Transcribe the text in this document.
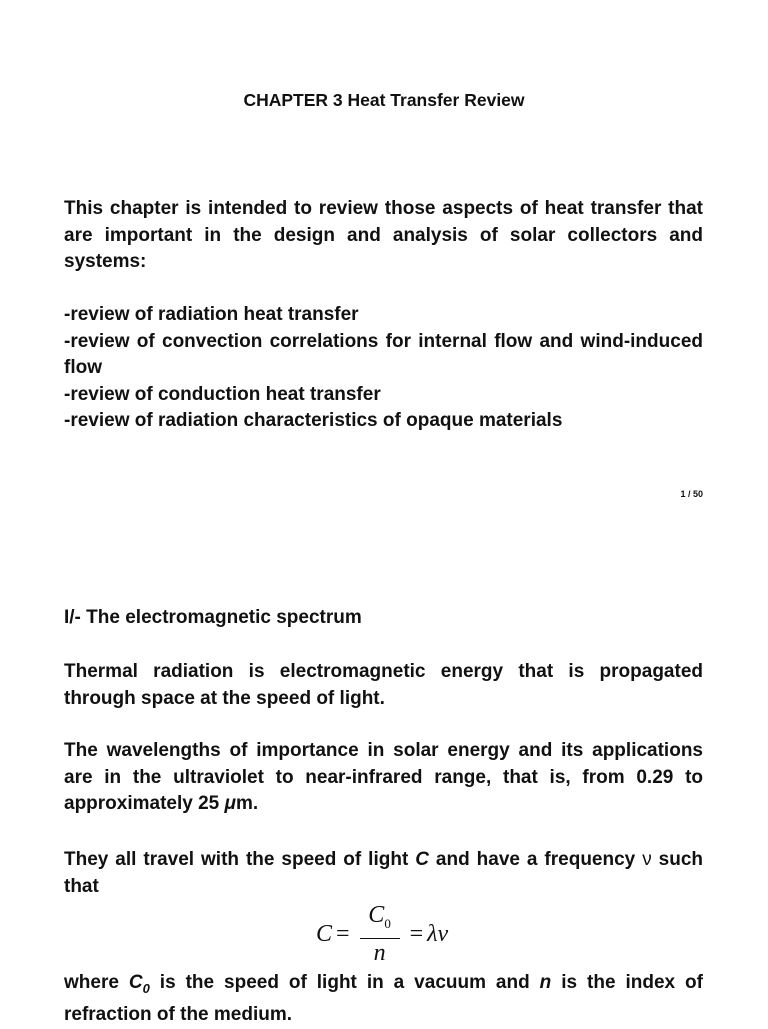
CHAPTER 3 Heat Transfer Review

This chapter is intended to review those aspects of heat transfer that are important in the design and analysis of solar collectors and systems:

-review of radiation heat transfer

-review of convection correlations for internal flow and wind-induced flow

-review of conduction heat transfer

-review of radiation characteristics of opaque materials

1 / 50
I/- The electromagnetic spectrum

Thermal radiation is electromagnetic energy that is propagated through space at the speed of light.

The wavelengths of importance in solar energy and its applications are in the ultraviolet to near-infrared range, that is, from 0.29 to approximately 25 μm.

They all travel with the speed of light C and have a frequency ν such that

$C = \frac{C_0}{n} = \lambda\nu$

where $C_0$ is the speed of light in a vacuum and n is the index of refraction of the medium.
